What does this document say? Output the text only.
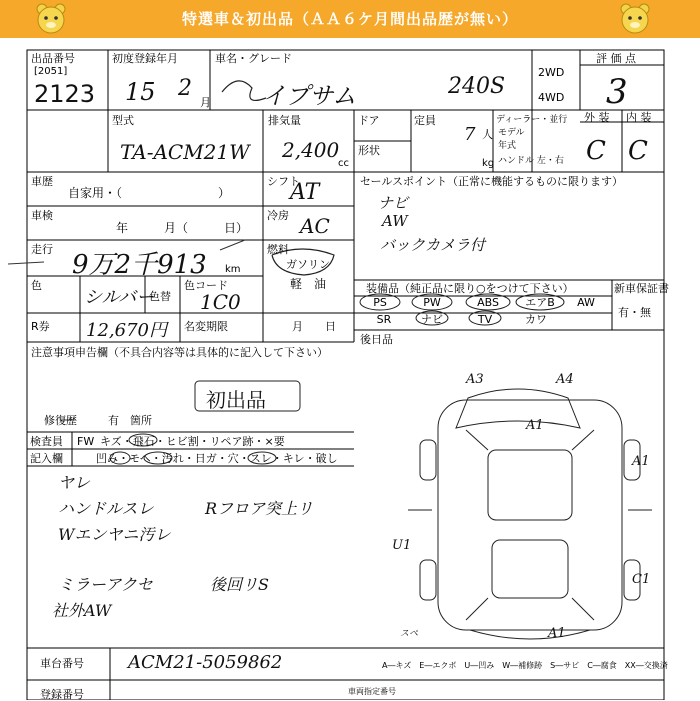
特選車＆初出品（ＡＡ６ケ月間出品歴が無い）
出品番号
[2051]
2123
初度登録年月
15 2
月
車名・グレード
イプサム	240S
2WD
4WD
評 価 点
3
型式
TA-ACM21W
排気量
2,400
cc
ドア
形状
定員
7 人
kg
ディーラー・並行
モデル
年式
ハンドル 左・右
外 装 内 装
C C
車歴
自家用・（　　　　　　　　）
車検
年　　　月（　　　日）
走行
9万2千913 km
色
シルバー
色替
色コード
1C0
R券 12,670円 名変期限	月　　日
シフト
AT
冷房 AC
燃料
ガソリン
軽　油
セールスポイント（正常に機能するものに限ります）
ナビ
AW
バックカメラ付
装備品（純正品に限り○をつけて下さい）	新車保証書
PS	PW	ABS	エアB	AW
SR	ナビ	TV	カワ
有・無
後日品
注意事項申告欄（不具合内容等は具体的に記入して下さい）
初出品
修復歴	有 箇所
検査員
記入欄
FW キズ・飛石・ヒビ割・リペア跡・×要
凹み・モヘ・汚れ・日ガ・穴・スレ・キレ・破し
ヤレ
ハンドルスレ
Wエンヤニ汚レ
ミラーアクセ
社外AW
Rフロア突上リ
後回リS
A3	A4
A1
A1
U1
C1
スペ	A1
A―キズ　E―エクボ　U―凹み　W―補修跡　S―サビ　C―腐食　XX―交換済
車台番号 ACM21-5059862
登録番号	車両指定番号
